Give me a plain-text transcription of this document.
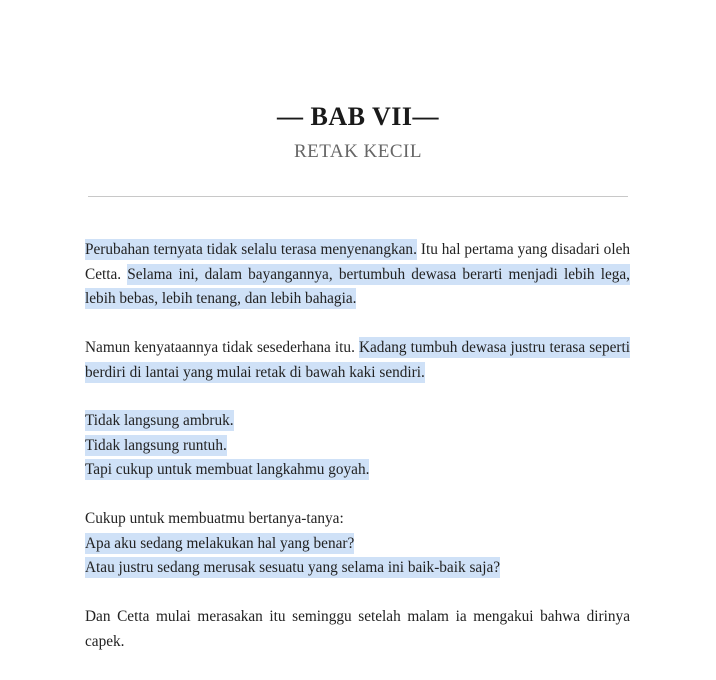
— BAB VII—
RETAK KECIL

Perubahan ternyata tidak selalu terasa menyenangkan. Itu hal pertama yang disadari oleh Cetta. Selama ini, dalam bayangannya, bertumbuh dewasa berarti menjadi lebih lega, lebih bebas, lebih tenang, dan lebih bahagia.

Namun kenyataannya tidak sesederhana itu. Kadang tumbuh dewasa justru terasa seperti berdiri di lantai yang mulai retak di bawah kaki sendiri.

Tidak langsung ambruk.

Tidak langsung runtuh.

Tapi cukup untuk membuat langkahmu goyah.

Cukup untuk membuatmu bertanya-tanya:

Apa aku sedang melakukan hal yang benar?

Atau justru sedang merusak sesuatu yang selama ini baik-baik saja?

Dan Cetta mulai merasakan itu seminggu setelah malam ia mengakui bahwa dirinya capek.
